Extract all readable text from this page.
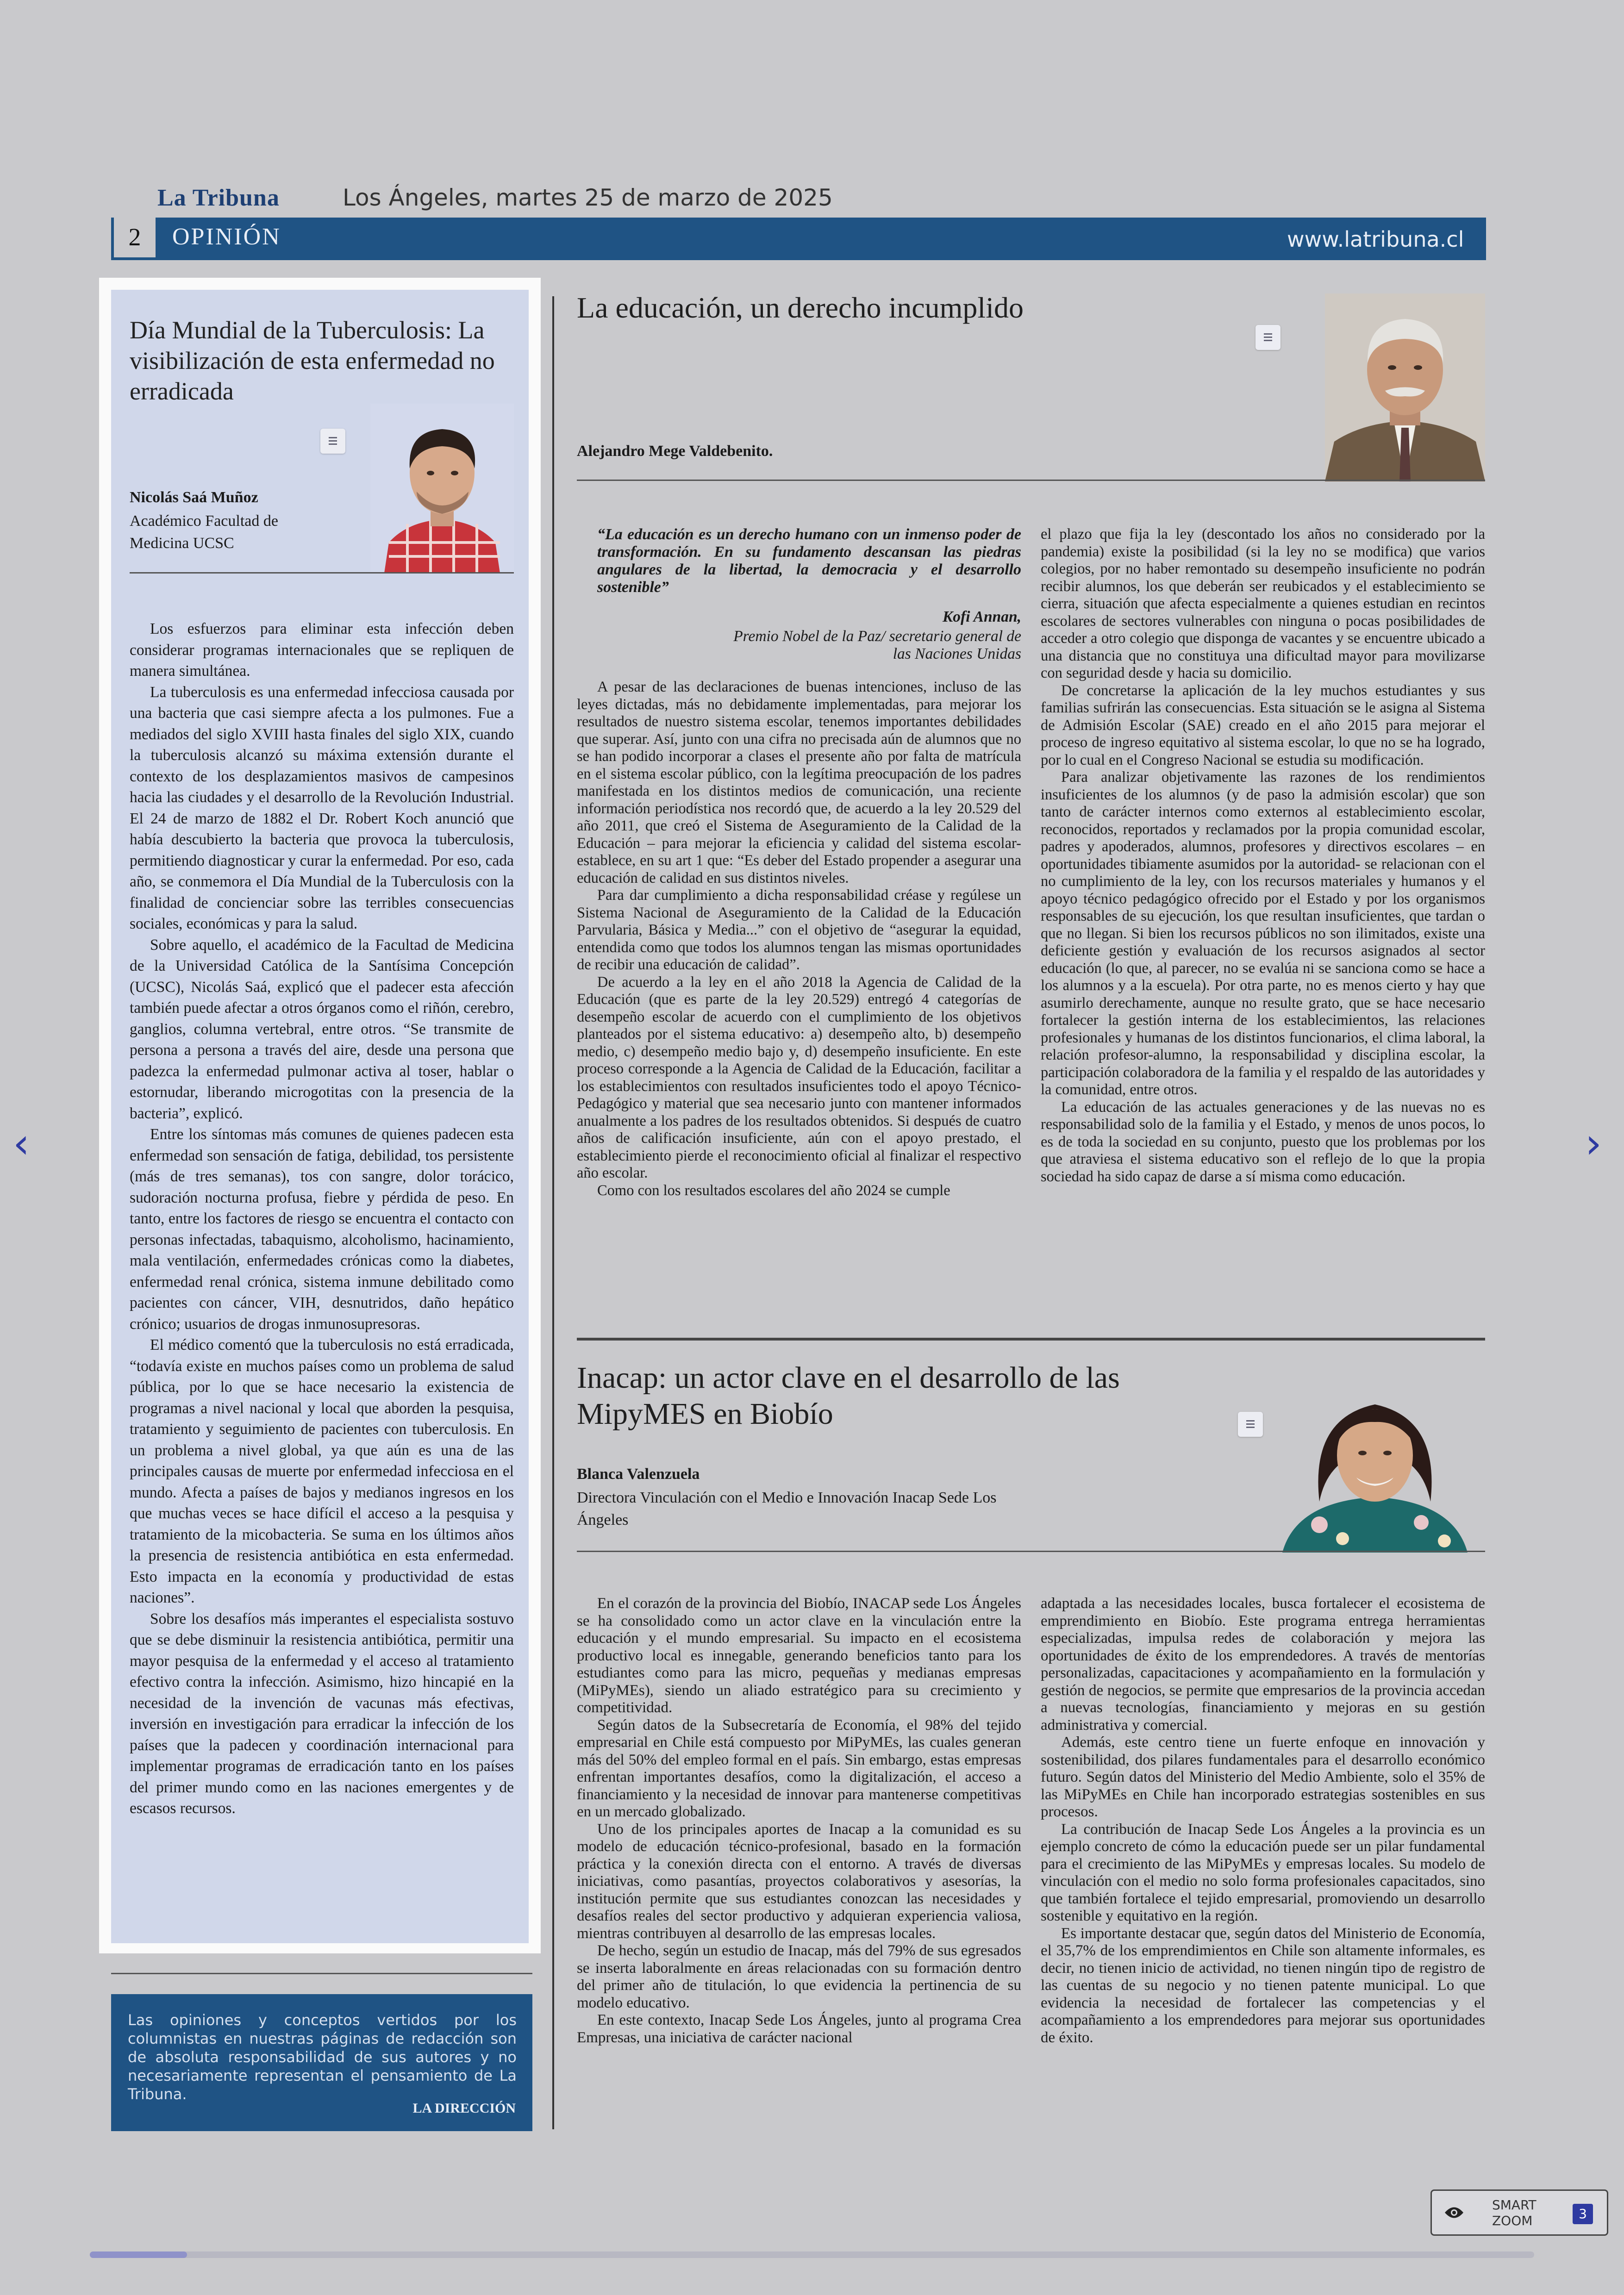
La Tribuna	Los Ángeles, martes 25 de marzo de 2025
2	OPINIÓN	www.latribuna.cl
Día Mundial de la Tuberculosis: La visibilización de esta enfermedad no erradicada
Nicolás Saá Muñoz
Académico Facultad de Medicina UCSC

Los esfuerzos para eliminar esta infección deben considerar programas internacionales que se repliquen de manera simultánea.

La tuberculosis es una enfermedad infecciosa causada por una bacteria que casi siempre afecta a los pulmones. Fue a mediados del siglo XVIII hasta finales del siglo XIX, cuando la tuberculosis alcanzó su máxima extensión durante el contexto de los desplazamientos masivos de campesinos hacia las ciudades y el desarrollo de la Revolución Industrial. El 24 de marzo de 1882 el Dr. Robert Koch anunció que había descubierto la bacteria que provoca la tuberculosis, permitiendo diagnosticar y curar la enfermedad. Por eso, cada año, se conmemora el Día Mundial de la Tuberculosis con la finalidad de concienciar sobre las terribles consecuencias sociales, económicas y para la salud.

Sobre aquello, el académico de la Facultad de Medicina de la Universidad Católica de la Santísima Concepción (UCSC), Nicolás Saá, explicó que el padecer esta afección también puede afectar a otros órganos como el riñón, cerebro, ganglios, columna vertebral, entre otros. “Se transmite de persona a persona a través del aire, desde una persona que padezca la enfermedad pulmonar activa al toser, hablar o estornudar, liberando microgotitas con la presencia de la bacteria”, explicó.

Entre los síntomas más comunes de quienes padecen esta enfermedad son sensación de fatiga, debilidad, tos persistente (más de tres semanas), tos con sangre, dolor torácico, sudoración nocturna profusa, fiebre y pérdida de peso. En tanto, entre los factores de riesgo se encuentra el contacto con personas infectadas, tabaquismo, alcoholismo, hacinamiento, mala ventilación, enfermedades crónicas como la diabetes, enfermedad renal crónica, sistema inmune debilitado como pacientes con cáncer, VIH, desnutridos, daño hepático crónico; usuarios de drogas inmunosupresoras.

El médico comentó que la tuberculosis no está erradicada, “todavía existe en muchos países como un problema de salud pública, por lo que se hace necesario la existencia de programas a nivel nacional y local que aborden la pesquisa, tratamiento y seguimiento de pacientes con tuberculosis. En un problema a nivel global, ya que aún es una de las principales causas de muerte por enfermedad infecciosa en el mundo. Afecta a países de bajos y medianos ingresos en los que muchas veces se hace difícil el acceso a la pesquisa y tratamiento de la micobacteria. Se suma en los últimos años la presencia de resistencia antibiótica en esta enfermedad. Esto impacta en la economía y productividad de estas naciones”.

Sobre los desafíos más imperantes el especialista sostuvo que se debe disminuir la resistencia antibiótica, permitir una mayor pesquisa de la enfermedad y el acceso al tratamiento efectivo contra la infección. Asimismo, hizo hincapié en la necesidad de la invención de vacunas más efectivas, inversión en investigación para erradicar la infección de los países que la padecen y coordinación internacional para implementar programas de erradicación tanto en los países del primer mundo como en las naciones emergentes y de escasos recursos.

Las opiniones y conceptos vertidos por los columnistas en nuestras páginas de redacción son de absoluta responsabilidad de sus autores y no necesariamente representan el pensamiento de La Tribuna.
LA DIRECCIÓN
La educación, un derecho incumplido
Alejandro Mege Valdebenito.
“La educación es un derecho humano con un inmenso poder de transformación. En su fundamento descansan las piedras angulares de la libertad, la democracia y el desarrollo sostenible”
Kofi Annan,
Premio Nobel de la Paz/ secretario general de las Naciones Unidas

A pesar de las declaraciones de buenas intenciones, incluso de las leyes dictadas, más no debidamente implementadas, para mejorar los resultados de nuestro sistema escolar, tenemos importantes debilidades que superar. Así, junto con una cifra no precisada aún de alumnos que no se han podido incorporar a clases el presente año por falta de matrícula en el sistema escolar público, con la legítima preocupación de los padres manifestada en los distintos medios de comunicación, una reciente información periodística nos recordó que, de acuerdo a la ley 20.529 del año 2011, que creó el Sistema de Aseguramiento de la Calidad de la Educación – para mejorar la eficiencia y calidad del sistema escolar- establece, en su art 1 que: “Es deber del Estado propender a asegurar una educación de calidad en sus distintos niveles.

Para dar cumplimiento a dicha responsabilidad créase y regúlese un Sistema Nacional de Aseguramiento de la Calidad de la Educación Parvularia, Básica y Media...” con el objetivo de “asegurar la equidad, entendida como que todos los alumnos tengan las mismas oportunidades de recibir una educación de calidad”.

De acuerdo a la ley en el año 2018 la Agencia de Calidad de la Educación (que es parte de la ley 20.529) entregó 4 categorías de desempeño escolar de acuerdo con el cumplimiento de los objetivos planteados por el sistema educativo: a) desempeño alto, b) desempeño medio, c) desempeño medio bajo y, d) desempeño insuficiente. En este proceso corresponde a la Agencia de Calidad de la Educación, facilitar a los establecimientos con resultados insuficientes todo el apoyo Técnico-Pedagógico y material que sea necesario junto con mantener informados anualmente a los padres de los resultados obtenidos. Si después de cuatro años de calificación insuficiente, aún con el apoyo prestado, el establecimiento pierde el reconocimiento oficial al finalizar el respectivo año escolar.

Como con los resultados escolares del año 2024 se cumple

el plazo que fija la ley (descontado los años no considerado por la pandemia) existe la posibilidad (si la ley no se modifica) que varios colegios, por no haber remontado su desempeño insuficiente no podrán recibir alumnos, los que deberán ser reubicados y el establecimiento se cierra, situación que afecta especialmente a quienes estudian en recintos escolares de sectores vulnerables con ninguna o pocas posibilidades de acceder a otro colegio que disponga de vacantes y se encuentre ubicado a una distancia que no constituya una dificultad mayor para movilizarse con seguridad desde y hacia su domicilio.

De concretarse la aplicación de la ley muchos estudiantes y sus familias sufrirán las consecuencias. Esta situación se le asigna al Sistema de Admisión Escolar (SAE) creado en el año 2015 para mejorar el proceso de ingreso equitativo al sistema escolar, lo que no se ha logrado, por lo cual en el Congreso Nacional se estudia su modificación.

Para analizar objetivamente las razones de los rendimientos insuficientes de los alumnos (y de paso la admisión escolar) que son tanto de carácter internos como externos al establecimiento escolar, reconocidos, reportados y reclamados por la propia comunidad escolar, padres y apoderados, alumnos, profesores y directivos escolares – en oportunidades tibiamente asumidos por la autoridad- se relacionan con el no cumplimiento de la ley, con los recursos materiales y humanos y el apoyo técnico pedagógico ofrecido por el Estado y por los organismos responsables de su ejecución, los que resultan insuficientes, que tardan o que no llegan. Si bien los recursos públicos no son ilimitados, existe una deficiente gestión y evaluación de los recursos asignados al sector educación (lo que, al parecer, no se evalúa ni se sanciona como se hace a los alumnos y a la escuela). Por otra parte, no es menos cierto y hay que asumirlo derechamente, aunque no resulte grato, que se hace necesario fortalecer la gestión interna de los establecimientos, las relaciones profesionales y humanas de los distintos funcionarios, el clima laboral, la relación profesor-alumno, la responsabilidad y disciplina escolar, la participación colaboradora de la familia y el respaldo de las autoridades y la comunidad, entre otros.

La educación de las actuales generaciones y de las nuevas no es responsabilidad solo de la familia y el Estado, y menos de unos pocos, lo es de toda la sociedad en su conjunto, puesto que los problemas por los que atraviesa el sistema educativo son el reflejo de lo que la propia sociedad ha sido capaz de darse a sí misma como educación.

Inacap: un actor clave en el desarrollo de las MipyMES en Biobío
Blanca Valenzuela
Directora Vinculación con el Medio e Innovación Inacap Sede Los Ángeles

En el corazón de la provincia del Biobío, INACAP sede Los Ángeles se ha consolidado como un actor clave en la vinculación entre la educación y el mundo empresarial. Su impacto en el ecosistema productivo local es innegable, generando beneficios tanto para los estudiantes como para las micro, pequeñas y medianas empresas (MiPyMEs), siendo un aliado estratégico para su crecimiento y competitividad.

Según datos de la Subsecretaría de Economía, el 98% del tejido empresarial en Chile está compuesto por MiPyMEs, las cuales generan más del 50% del empleo formal en el país. Sin embargo, estas empresas enfrentan importantes desafíos, como la digitalización, el acceso a financiamiento y la necesidad de innovar para mantenerse competitivas en un mercado globalizado.

Uno de los principales aportes de Inacap a la comunidad es su modelo de educación técnico-profesional, basado en la formación práctica y la conexión directa con el entorno. A través de diversas iniciativas, como pasantías, proyectos colaborativos y asesorías, la institución permite que sus estudiantes conozcan las necesidades y desafíos reales del sector productivo y adquieran experiencia valiosa, mientras contribuyen al desarrollo de las empresas locales.

De hecho, según un estudio de Inacap, más del 79% de sus egresados se inserta laboralmente en áreas relacionadas con su formación dentro del primer año de titulación, lo que evidencia la pertinencia de su modelo educativo.

En este contexto, Inacap Sede Los Ángeles, junto al programa Crea Empresas, una iniciativa de carácter nacional

adaptada a las necesidades locales, busca fortalecer el ecosistema de emprendimiento en Biobío. Este programa entrega herramientas especializadas, impulsa redes de colaboración y mejora las oportunidades de éxito de los emprendedores. A través de mentorías personalizadas, capacitaciones y acompañamiento en la formulación y gestión de negocios, se permite que empresarios de la provincia accedan a nuevas tecnologías, financiamiento y mejoras en su gestión administrativa y comercial.

Además, este centro tiene un fuerte enfoque en innovación y sostenibilidad, dos pilares fundamentales para el desarrollo económico futuro. Según datos del Ministerio del Medio Ambiente, solo el 35% de las MiPyMEs en Chile han incorporado estrategias sostenibles en sus procesos.

La contribución de Inacap Sede Los Ángeles a la provincia es un ejemplo concreto de cómo la educación puede ser un pilar fundamental para el crecimiento de las MiPyMEs y empresas locales. Su modelo de vinculación con el medio no solo forma profesionales capacitados, sino que también fortalece el tejido empresarial, promoviendo un desarrollo sostenible y equitativo en la región.

Es importante destacar que, según datos del Ministerio de Economía, el 35,7% de los emprendimientos en Chile son altamente informales, es decir, no tienen inicio de actividad, no tienen ningún tipo de registro de las cuentas de su negocio y no tienen patente municipal. Lo que evidencia la necesidad de fortalecer las competencias y el acompañamiento a los emprendedores para mejorar sus oportunidades de éxito.

‹	›
SMART
ZOOM	3
